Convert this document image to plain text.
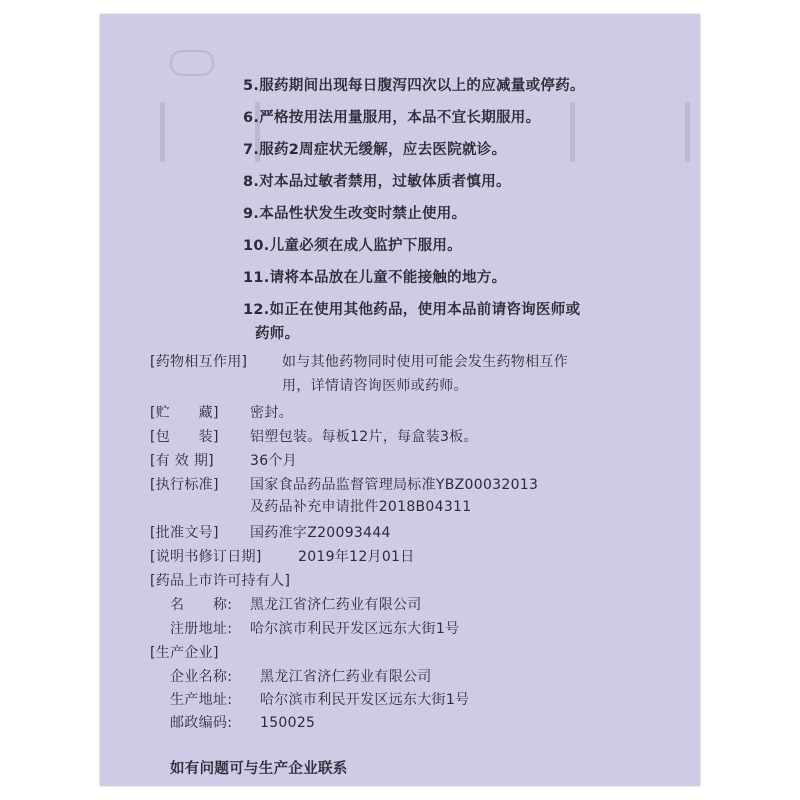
5.服药期间出现每日腹泻四次以上的应减量或停药。
6.严格按用法用量服用，本品不宜长期服用。
7.服药2周症状无缓解，应去医院就诊。
8.对本品过敏者禁用，过敏体质者慎用。
9.本品性状发生改变时禁止使用。
10.儿童必须在成人监护下服用。
11.请将本品放在儿童不能接触的地方。
12.如正在使用其他药品，使用本品前请咨询医师或
药师。
[药物相互作用] 如与其他药物同时使用可能会发生药物相互作
用，详情请咨询医师或药师。
[贮　　藏] 密封。
[包　　装] 铝塑包装。每板12片，每盒装3板。
[有 效 期]	36个月
[执行标准] 国家食品药品监督管理局标准YBZ00032013
及药品补充申请批件2018B04311
[批准文号] 国药准字Z20093444
[说明书修订日期]	2019年12月01日
[药品上市许可持有人]
名　　称: 黑龙江省济仁药业有限公司
注册地址: 哈尔滨市利民开发区远东大街1号
[生产企业]
企业名称: 黑龙江省济仁药业有限公司
生产地址: 哈尔滨市利民开发区远东大街1号
邮政编码: 150025
如有问题可与生产企业联系
